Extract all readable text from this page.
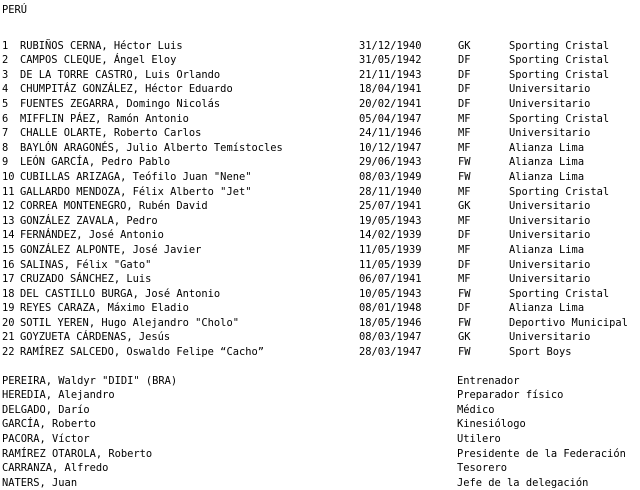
PERÚ
1 RUBIÑOS CERNA, Héctor Luis	31/12/1940	GK	Sporting Cristal
2 CAMPOS CLEQUE, Ángel Eloy	31/05/1942	DF	Sporting Cristal
3 DE LA TORRE CASTRO, Luis Orlando	21/11/1943	DF	Sporting Cristal
4 CHUMPITÁZ GONZÁLEZ, Héctor Eduardo	18/04/1941	DF	Universitario
5 FUENTES ZEGARRA, Domingo Nicolás	20/02/1941	DF	Universitario
6 MIFFLIN PÁEZ, Ramón Antonio	05/04/1947	MF	Sporting Cristal
7 CHALLE OLARTE, Roberto Carlos	24/11/1946	MF	Universitario
8 BAYLÓN ARAGONÉS, Julio Alberto Temístocles	10/12/1947	MF	Alianza Lima
9 LEÓN GARCÍA, Pedro Pablo	29/06/1943	FW	Alianza Lima
10 CUBILLAS ARIZAGA, Teófilo Juan "Nene"	08/03/1949	FW	Alianza Lima
11 GALLARDO MENDOZA, Félix Alberto "Jet"	28/11/1940	MF	Sporting Cristal
12 CORREA MONTENEGRO, Rubén David	25/07/1941	GK	Universitario
13 GONZÁLEZ ZAVALA, Pedro	19/05/1943	MF	Universitario
14 FERNÁNDEZ, José Antonio	14/02/1939	DF	Universitario
15 GONZÁLEZ ALPONTE, José Javier	11/05/1939	MF	Alianza Lima
16 SALINAS, Félix "Gato"	11/05/1939	DF	Universitario
17 CRUZADO SÁNCHEZ, Luis	06/07/1941	MF	Universitario
18 DEL CASTILLO BURGA, José Antonio	10/05/1943	FW	Sporting Cristal
19 REYES CARAZA, Máximo Eladio	08/01/1948	DF	Alianza Lima
20 SOTIL YEREN, Hugo Alejandro "Cholo"	18/05/1946	FW	Deportivo Municipal
21 GOYZUETA CÁRDENAS, Jesús	08/03/1947	GK	Universitario
22 RAMÍREZ SALCEDO, Oswaldo Felipe “Cacho”	28/03/1947	FW	Sport Boys
PEREIRA, Waldyr "DIDI" (BRA)	Entrenador
HEREDIA, Alejandro	Preparador físico
DELGADO, Darío	Médico
GARCÍA, Roberto	Kinesiólogo
PACORA, Víctor	Utilero
RAMÍREZ OTAROLA, Roberto	Presidente de la Federación
CARRANZA, Alfredo	Tesorero
NATERS, Juan	Jefe de la delegación
